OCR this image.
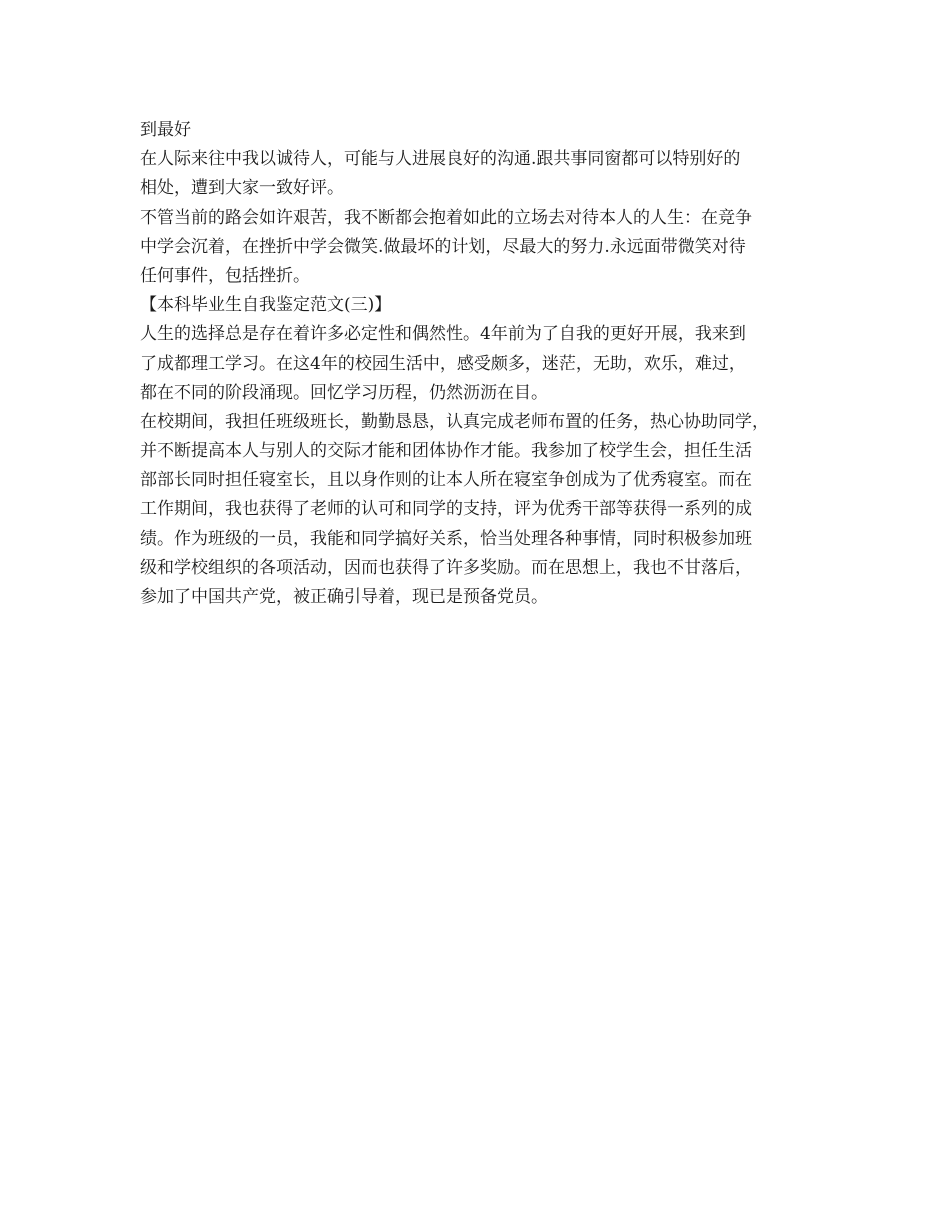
到最好
在人际来往中我以诚待人，可能与人进展良好的沟通.跟共事同窗都可以特别好的
相处，遭到大家一致好评。
不管当前的路会如许艰苦，我不断都会抱着如此的立场去对待本人的人生：在竞争
中学会沉着，在挫折中学会微笑.做最坏的计划，尽最大的努力.永远面带微笑对待
任何事件，包括挫折。
【本科毕业生自我鉴定范文(三)】
人生的选择总是存在着许多必定性和偶然性。4年前为了自我的更好开展，我来到
了成都理工学习。在这4年的校园生活中，感受颇多，迷茫，无助，欢乐，难过，
都在不同的阶段涌现。回忆学习历程，仍然沥沥在目。
在校期间，我担任班级班长，勤勤恳恳，认真完成老师布置的任务，热心协助同学，
并不断提高本人与别人的交际才能和团体协作才能。我参加了校学生会，担任生活
部部长同时担任寝室长，且以身作则的让本人所在寝室争创成为了优秀寝室。而在
工作期间，我也获得了老师的认可和同学的支持，评为优秀干部等获得一系列的成
绩。作为班级的一员，我能和同学搞好关系，恰当处理各种事情，同时积极参加班
级和学校组织的各项活动，因而也获得了许多奖励。而在思想上，我也不甘落后，
参加了中国共产党，被正确引导着，现已是预备党员。
